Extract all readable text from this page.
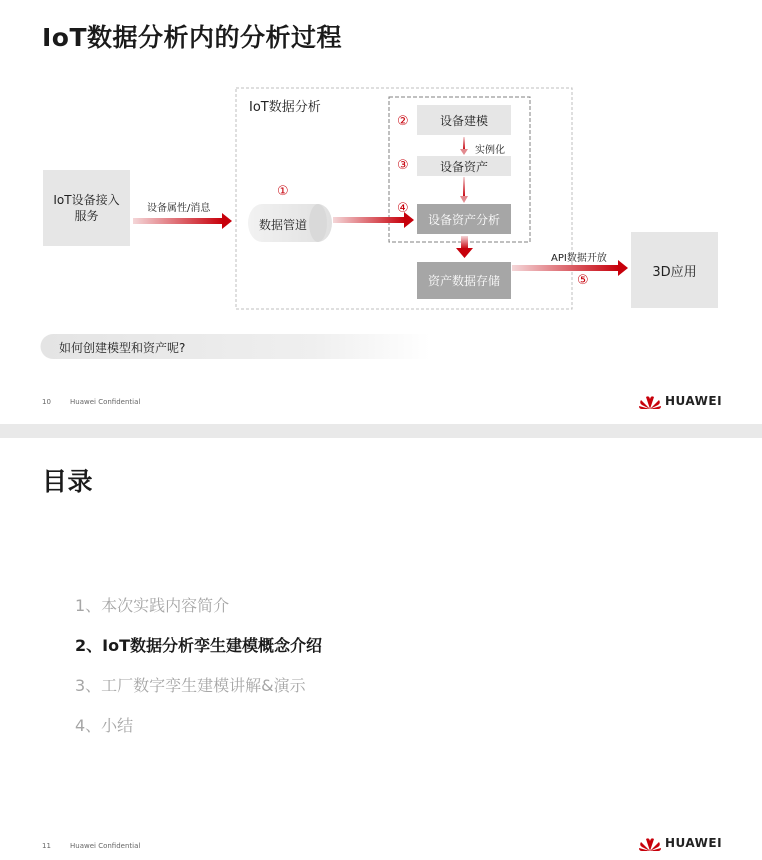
IoT数据分析内的分析过程
IoT设备接入
服务
设备属性/消息
IoT数据分析
①
数据管道
②	设备建模
实例化
③	设备资产
④
设备资产分析
资产数据存储
API数据开放
⑤
3D应用
如何创建模型和资产呢?
10	Huawei Confidential	HUAWEI
目录
1、本次实践内容简介
2、IoT数据分析孪生建模概念介绍
3、工厂数字孪生建模讲解&演示
4、小结
11	Huawei Confidential	HUAWEI
